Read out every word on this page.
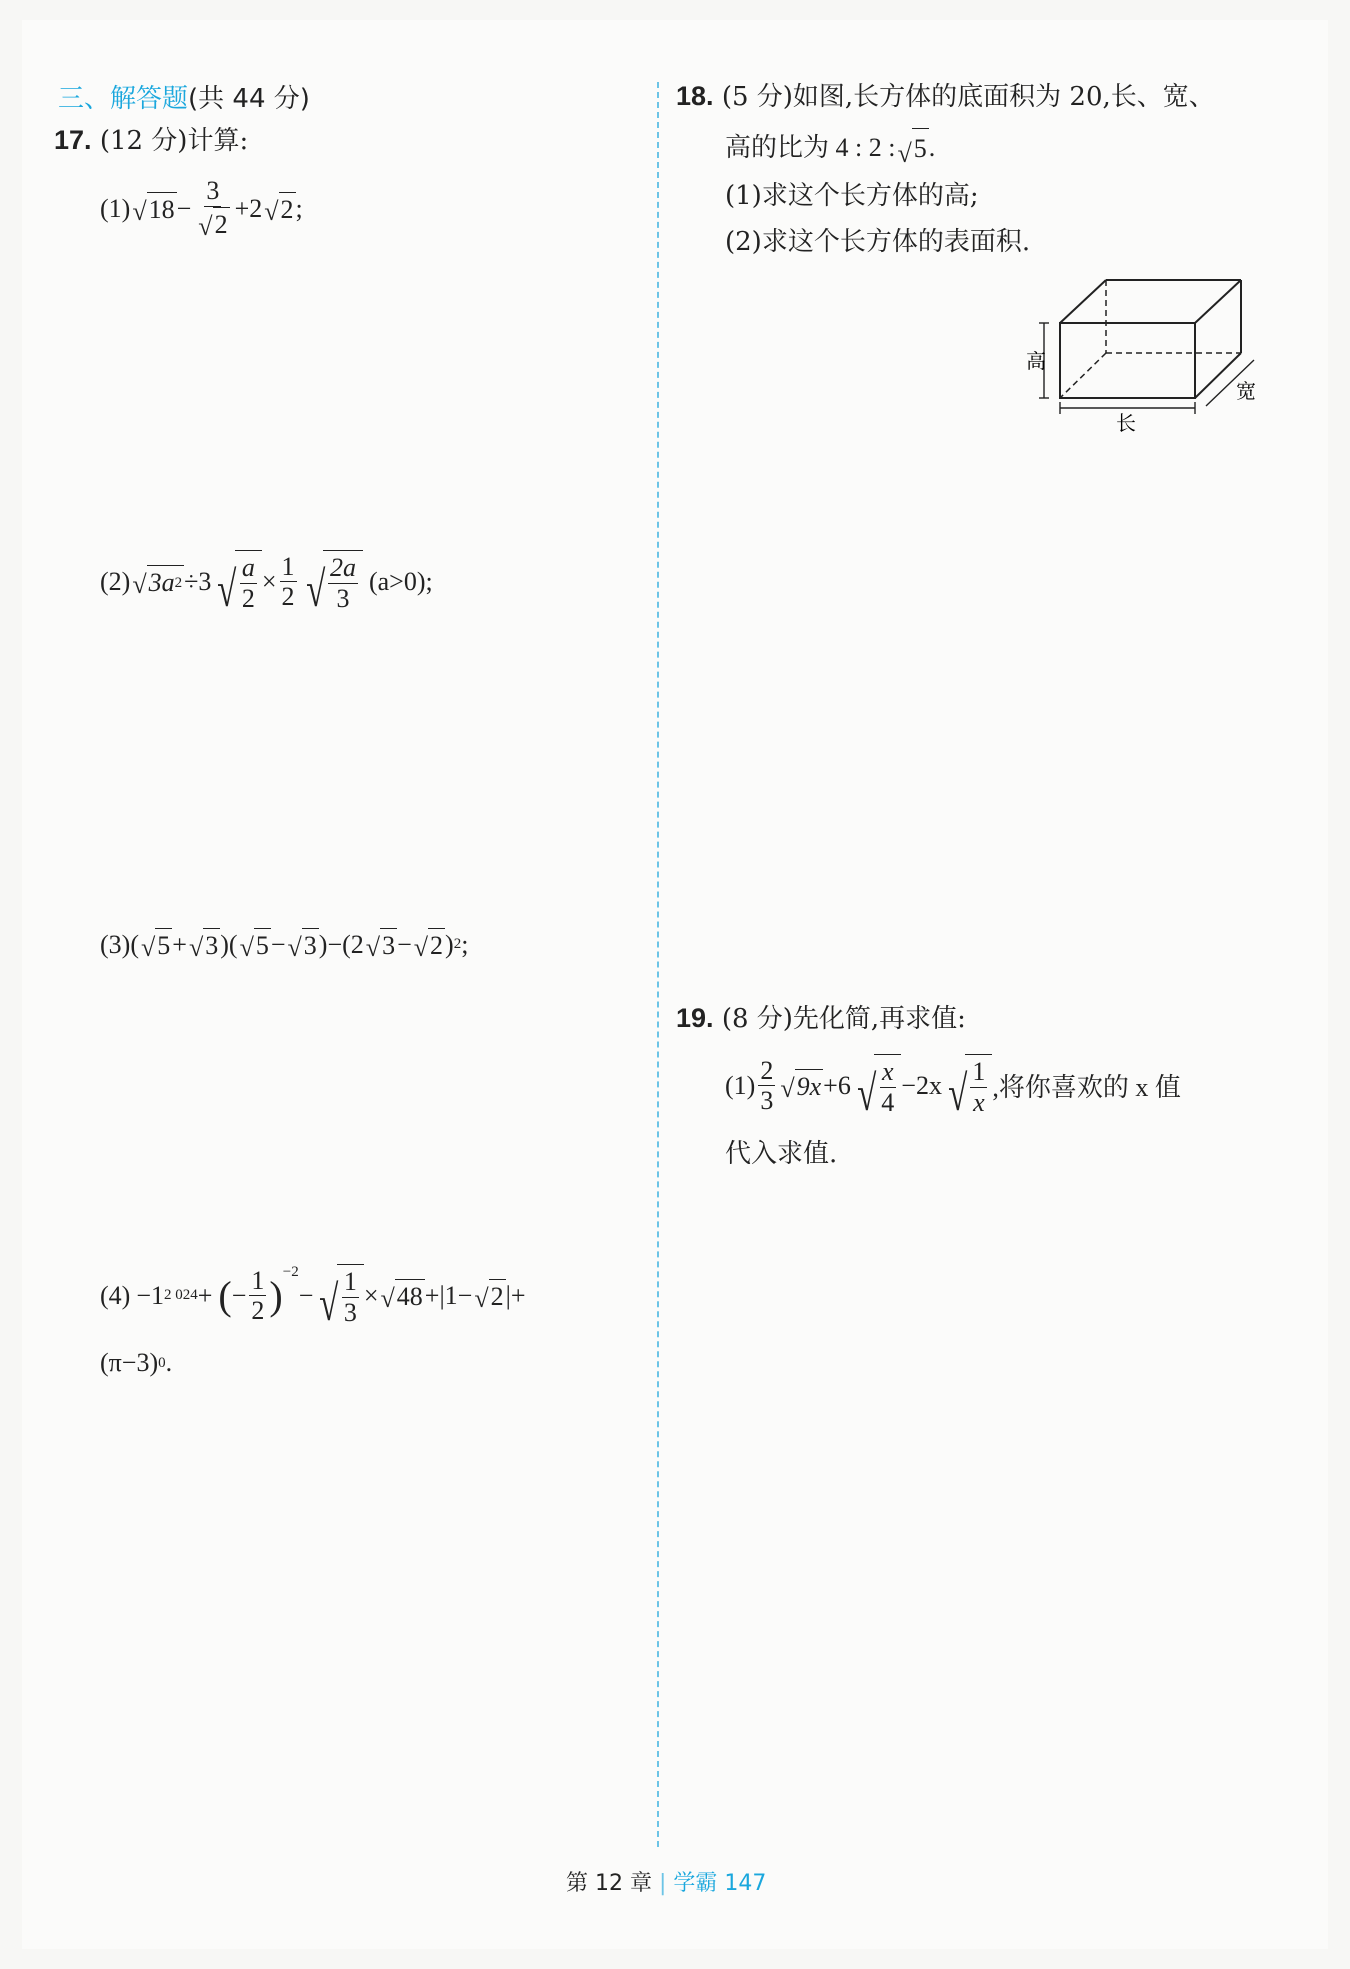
三、解答题(共 44 分)
17. (12 分)计算:
(1) √ $18 - \frac{3}{√ 2} +2$ √ 2 ;
(2) √ 3a 2 ÷3 √ $\frac{a}{2} \times \frac{1}{2}$ √ $\frac{2a}{3} (a>0)$;
(3) ( √ 5 + √ 3 )( √ 5 − √ 3 )−(2 √ 3 − √ 2 ) 2 ;
(4) −1 2 024 + ( − $\frac{1}{2}$ )
$^{-2}$
− √ $\frac{1}{3}$ × √ 48 +|1− √ 2 |+
(π−3) 0 .
18. (5 分)如图,长方体的底面积为 20,长、宽、
高的比为 4 : 2 : √ 5 .
(1)求这个长方体的高;
(2)求这个长方体的表面积.
高
长
宽
19. (8 分)先化简,再求值:
$(1) \frac{2}{3}$ √ 9x +6 √ $\frac{x}{4} -2x$ √ $\frac{1}{x}$ ,将你喜欢的 x 值
代入求值.
第 12 章 | 学霸 147
